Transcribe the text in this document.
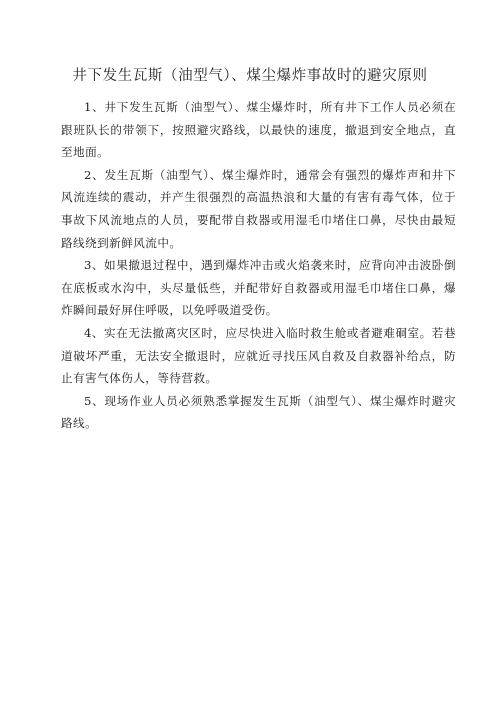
井下发生瓦斯（油型气）、煤尘爆炸事故时的避灾原则

1、井下发生瓦斯（油型气）、煤尘爆炸时，所有井下工作人员必须在跟班队长的带领下，按照避灾路线，以最快的速度，撤退到安全地点，直至地面。

2、发生瓦斯（油型气）、煤尘爆炸时，通常会有强烈的爆炸声和井下风流连续的震动，并产生很强烈的高温热浪和大量的有害有毒气体，位于事故下风流地点的人员，要配带自救器或用湿毛巾堵住口鼻，尽快由最短路线绕到新鲜风流中。

3、如果撤退过程中，遇到爆炸冲击或火焰袭来时，应背向冲击波卧倒在底板或水沟中，头尽量低些，并配带好自救器或用湿毛巾堵住口鼻，爆炸瞬间最好屏住呼吸，以免呼吸道受伤。

4、实在无法撤离灾区时，应尽快进入临时救生舱或者避难硐室。若巷道破坏严重，无法安全撤退时，应就近寻找压风自救及自救器补给点，防止有害气体伤人，等待营救。

5、现场作业人员必须熟悉掌握发生瓦斯（油型气）、煤尘爆炸时避灾路线。
